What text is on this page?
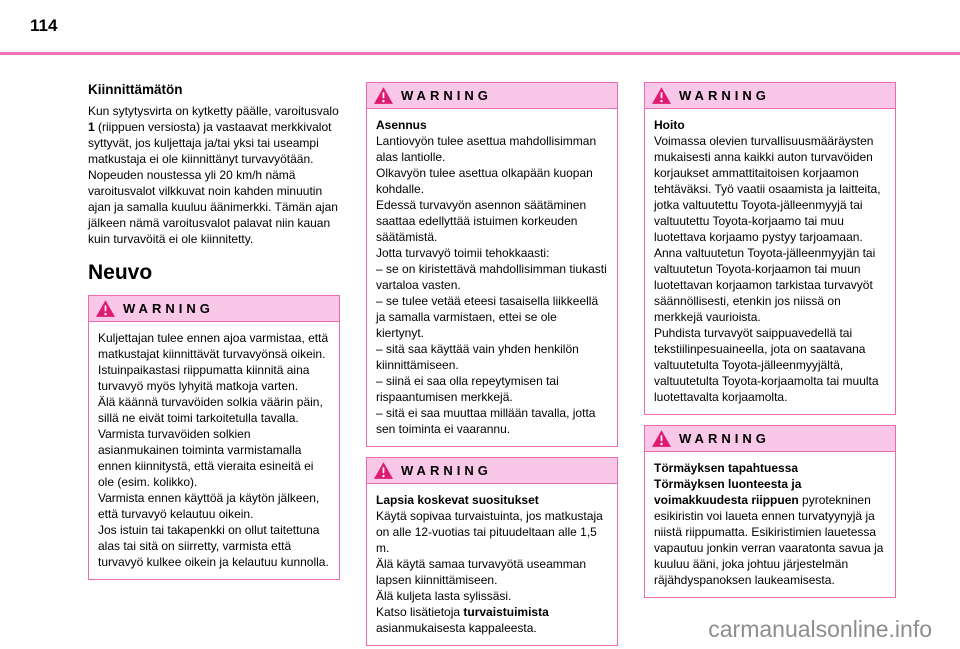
114
Kiinnittämätön

Kun sytytysvirta on kytketty päälle, varoitusvalo 1 (riippuen versiosta) ja vastaavat merkkivalot syttyvät, jos kuljettaja ja/tai yksi tai useampi matkustaja ei ole kiinnittänyt turvavyötään.

Nopeuden noustessa yli 20 km/h nämä varoitusvalot vilkkuvat noin kahden minuutin ajan ja samalla kuuluu äänimerkki. Tämän ajan jälkeen nämä varoitusvalot palavat niin kauan kuin turvavöitä ei ole kiinnitetty.

Neuvo
WARNING

Kuljettajan tulee ennen ajoa varmistaa, että matkustajat kiinnittävät turvavyönsä oikein.

Istuinpaikastasi riippumatta kiinnitä aina turvavyö myös lyhyitä matkoja varten.

Älä käännä turvavöiden solkia väärin päin, sillä ne eivät toimi tarkoitetulla tavalla.

Varmista turvavöiden solkien asianmukainen toiminta varmistamalla ennen kiinnitystä, että vieraita esineitä ei ole (esim. kolikko).

Varmista ennen käyttöä ja käytön jälkeen, että turvavyö kelautuu oikein.

Jos istuin tai takapenkki on ollut taitettuna alas tai sitä on siirretty, varmista että turvavyö kulkee oikein ja kelautuu kunnolla.

WARNING

Asennus

Lantiovyön tulee asettua mahdollisimman alas lantiolle.

Olkavyön tulee asettua olkapään kuopan kohdalle.

Edessä turvavyön asennon säätäminen saattaa edellyttää istuimen korkeuden säätämistä.

Jotta turvavyö toimii tehokkaasti:

– se on kiristettävä mahdollisimman tiukasti vartaloa vasten.

– se tulee vetää eteesi tasaisella liikkeellä ja samalla varmistaen, ettei se ole kiertynyt.

– sitä saa käyttää vain yhden henkilön kiinnittämiseen.

– siinä ei saa olla repeytymisen tai rispaantumisen merkkejä.

– sitä ei saa muuttaa millään tavalla, jotta sen toiminta ei vaarannu.

WARNING

Lapsia koskevat suositukset

Käytä sopivaa turvaistuinta, jos matkustaja on alle 12-vuotias tai pituudeltaan alle 1,5 m.

Älä käytä samaa turvavyötä useamman lapsen kiinnittämiseen.

Älä kuljeta lasta sylissäsi.

Katso lisätietoja turvaistuimista asianmukaisesta kappaleesta.

WARNING

Hoito

Voimassa olevien turvallisuusmääräysten mukaisesti anna kaikki auton turvavöiden korjaukset ammattitaitoisen korjaamon tehtäväksi. Työ vaatii osaamista ja laitteita, jotka valtuutettu Toyota-jälleenmyyjä tai valtuutettu Toyota-korjaamo tai muu luotettava korjaamo pystyy tarjoamaan.

Anna valtuutetun Toyota-jälleenmyyjän tai valtuutetun Toyota-korjaamon tai muun luotettavan korjaamon tarkistaa turvavyöt säännöllisesti, etenkin jos niissä on merkkejä vaurioista.

Puhdista turvavyöt saippuavedellä tai tekstiilinpesuaineella, jota on saatavana valtuutetulta Toyota-jälleenmyyjältä, valtuutetulta Toyota-korjaamolta tai muulta luotettavalta korjaamolta.

WARNING

Törmäyksen tapahtuessa

Törmäyksen luonteesta ja voimakkuudesta riippuen pyrotekninen esikiristin voi laueta ennen turvatyynyjä ja niistä riippumatta. Esikiristimien lauetessa vapautuu jonkin verran vaaratonta savua ja kuuluu ääni, joka johtuu järjestelmän räjähdyspanoksen laukeamisesta.

carmanualsonline.info
